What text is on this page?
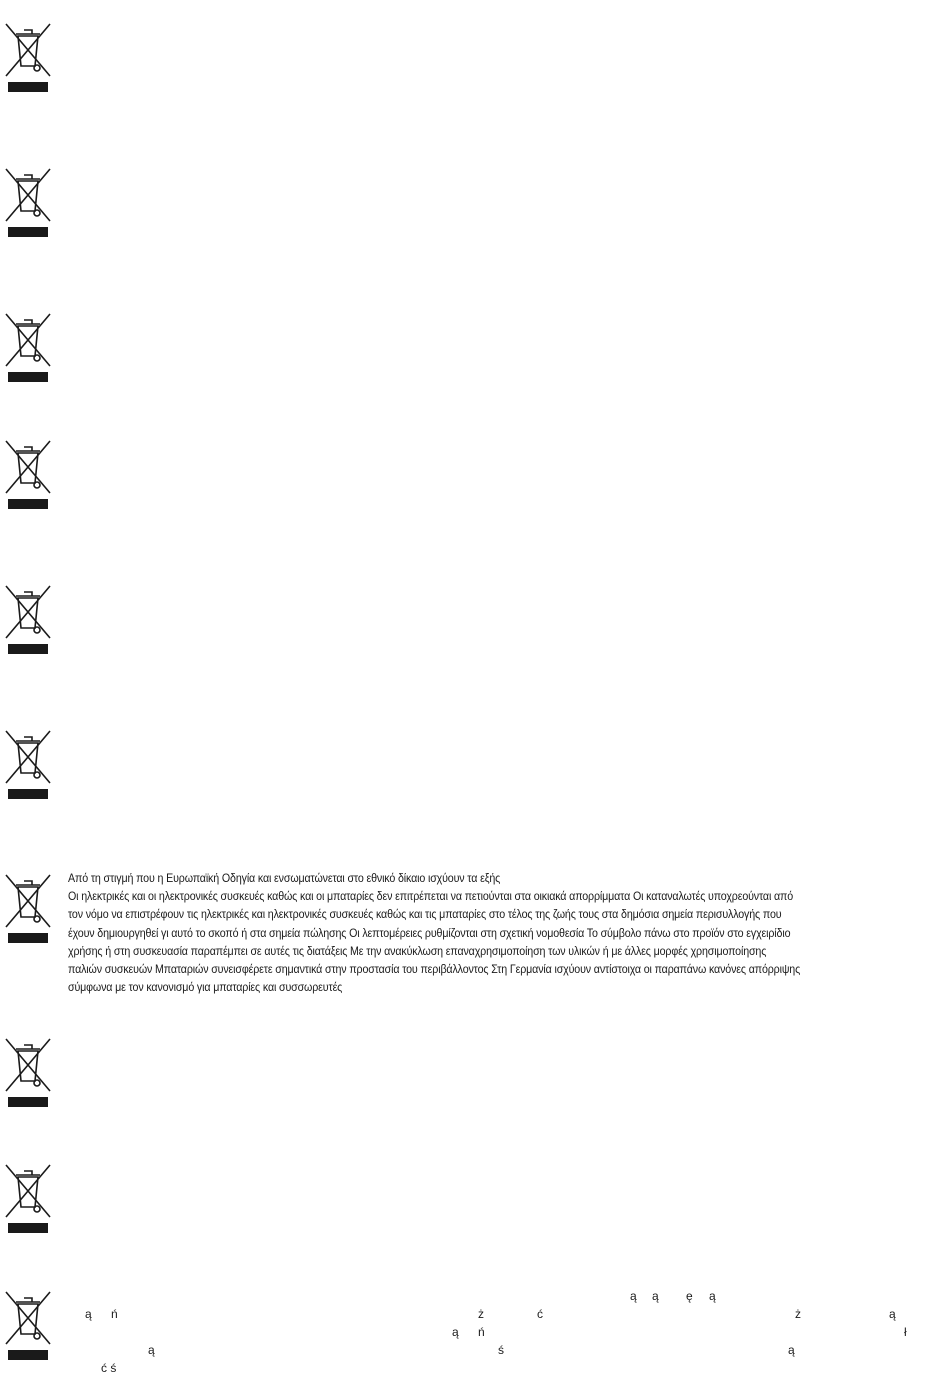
Από τη στιγμή που η Ευρωπαϊκή Οδηγία και ενσωματώνεται στο εθνικό δίκαιο ισχύουν τα εξής
Οι ηλεκτρικές και οι ηλεκτρονικές συσκευές καθώς και οι μπαταρίες δεν επιτρέπεται να πετιούνται στα οικιακά απορρίμματα Οι καταναλωτές υποχρεούνται από
τον νόμο να επιστρέφουν τις ηλεκτρικές και ηλεκτρονικές συσκευές καθώς και τις μπαταρίες στο τέλος της ζωής τους στα δημόσια σημεία περισυλλογής που
έχουν δημιουργηθεί γι αυτό το σκοπό ή στα σημεία πώλησης Οι λεπτομέρειες ρυθμίζονται στη σχετική νομοθεσία Το σύμβολο πάνω στο προϊόν στο εγχειρίδιο
χρήσης ή στη συσκευασία παραπέμπει σε αυτές τις διατάξεις Με την ανακύκλωση επαναχρησιμοποίηση των υλικών ή με άλλες μορφές χρησιμοποίησης
παλιών συσκευών Μπαταριών συνεισφέρετε σημαντικά στην προστασία του περιβάλλοντος Στη Γερμανία ισχύουν αντίστοιχα οι παραπάνω κανόνες απόρριψης
σύμφωνα με τον κανονισμό για μπαταρίες και συσσωρευτές
ą ą ę ą
ą ń	ż	ć	ż	ą
ą ń	ł
ą	ś	ą
ć ś
